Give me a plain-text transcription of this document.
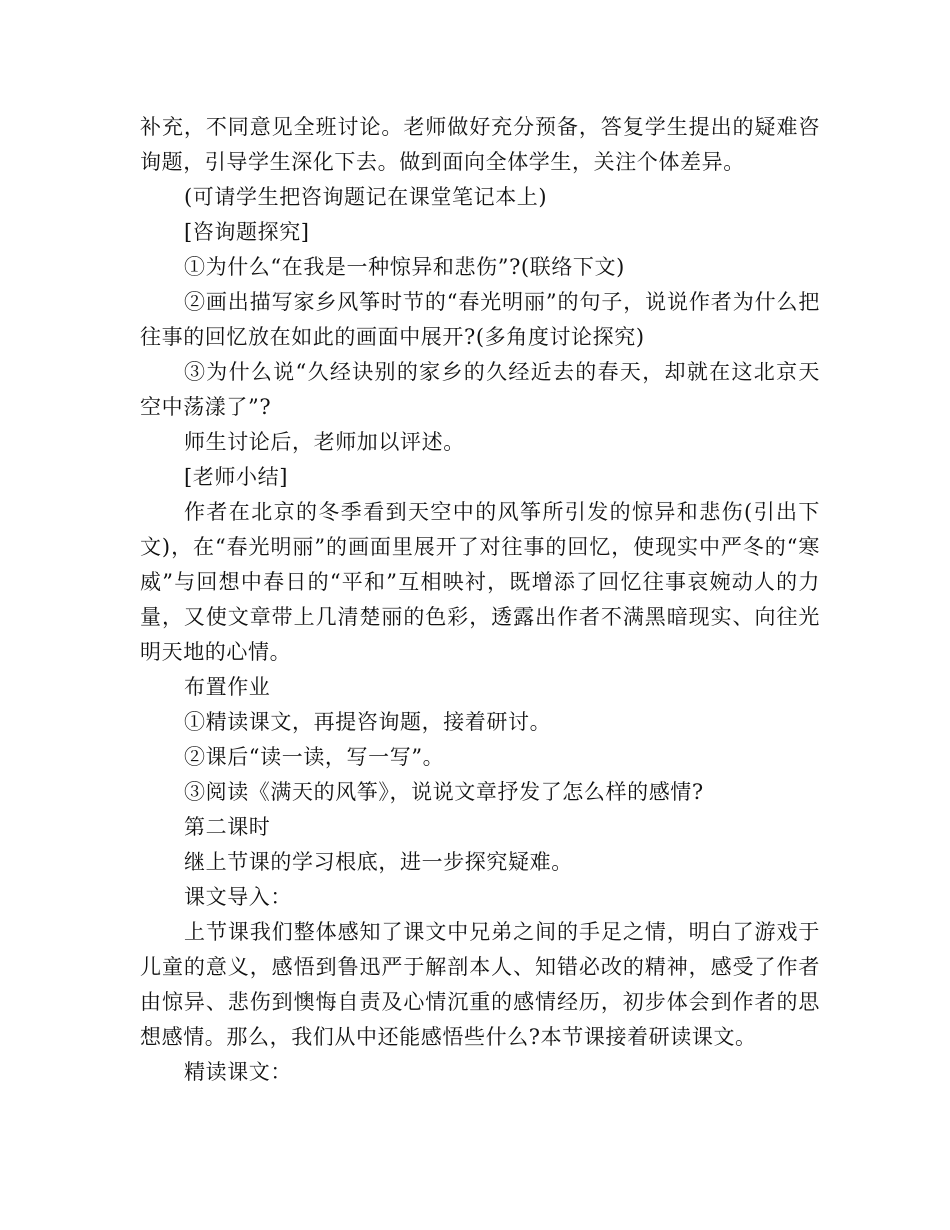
补充，不同意见全班讨论。老师做好充分预备，答复学生提出的疑难咨询题，引导学生深化下去。做到面向全体学生，关注个体差异。

(可请学生把咨询题记在课堂笔记本上)

[咨询题探究]

①为什么“在我是一种惊异和悲伤”?(联络下文)

②画出描写家乡风筝时节的“春光明丽”的句子，说说作者为什么把往事的回忆放在如此的画面中展开?(多角度讨论探究)

③为什么说“久经诀别的家乡的久经近去的春天，却就在这北京天空中荡漾了”?

师生讨论后，老师加以评述。

[老师小结]

作者在北京的冬季看到天空中的风筝所引发的惊异和悲伤(引出下文)，在“春光明丽”的画面里展开了对往事的回忆，使现实中严冬的“寒威”与回想中春日的“平和”互相映衬，既增添了回忆往事哀婉动人的力量，又使文章带上几清楚丽的色彩，透露出作者不满黑暗现实、向往光明天地的心情。

布置作业

①精读课文，再提咨询题，接着研讨。

②课后“读一读，写一写”。

③阅读《满天的风筝》，说说文章抒发了怎么样的感情?

第二课时

继上节课的学习根底，进一步探究疑难。

课文导入：

上节课我们整体感知了课文中兄弟之间的手足之情，明白了游戏于儿童的意义，感悟到鲁迅严于解剖本人、知错必改的精神，感受了作者由惊异、悲伤到懊悔自责及心情沉重的感情经历，初步体会到作者的思想感情。那么，我们从中还能感悟些什么?本节课接着研读课文。

精读课文：
